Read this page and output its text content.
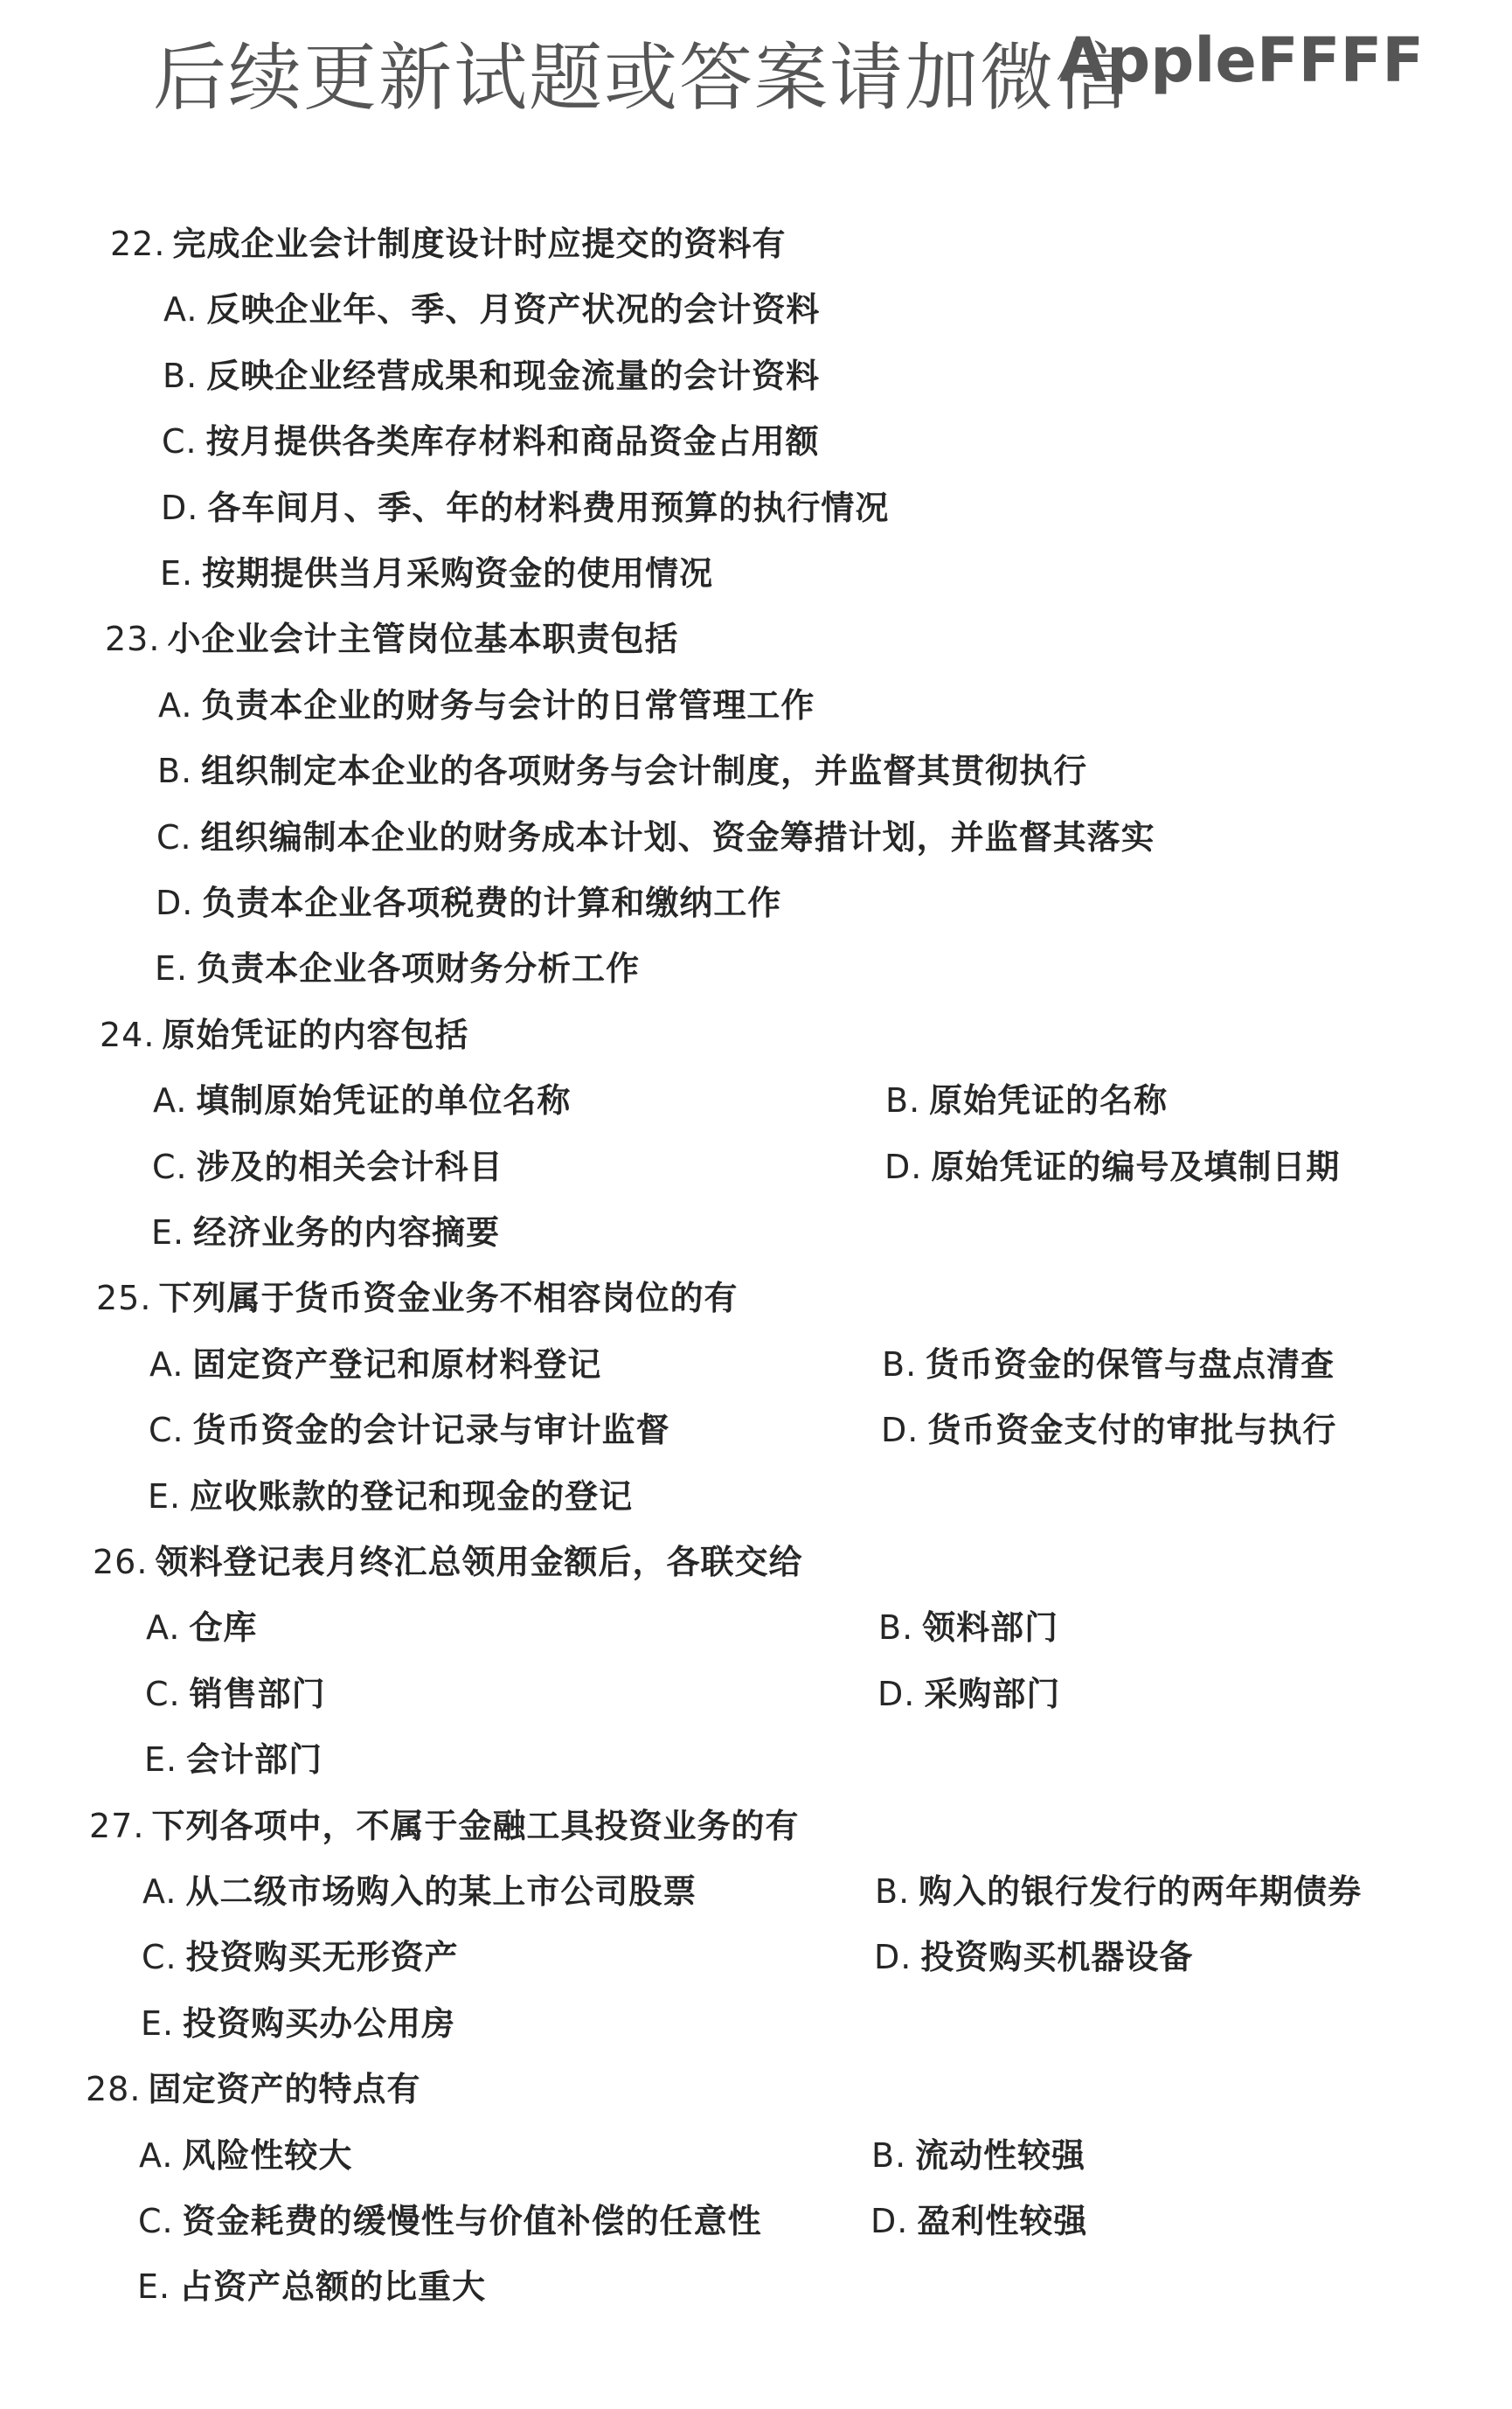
后续更新试题或答案请加微信
AppleFFFF
22. 完成企业会计制度设计时应提交的资料有
A. 反映企业年、季、月资产状况的会计资料
B. 反映企业经营成果和现金流量的会计资料
C. 按月提供各类库存材料和商品资金占用额
D. 各车间月、季、年的材料费用预算的执行情况
E. 按期提供当月采购资金的使用情况
23. 小企业会计主管岗位基本职责包括
A. 负责本企业的财务与会计的日常管理工作
B. 组织制定本企业的各项财务与会计制度，并监督其贯彻执行
C. 组织编制本企业的财务成本计划、资金筹措计划，并监督其落实
D. 负责本企业各项税费的计算和缴纳工作
E. 负责本企业各项财务分析工作
24. 原始凭证的内容包括
A. 填制原始凭证的单位名称	B. 原始凭证的名称
C. 涉及的相关会计科目	D. 原始凭证的编号及填制日期
E. 经济业务的内容摘要
25. 下列属于货币资金业务不相容岗位的有
A. 固定资产登记和原材料登记	B. 货币资金的保管与盘点清查
C. 货币资金的会计记录与审计监督	D. 货币资金支付的审批与执行
E. 应收账款的登记和现金的登记
26. 领料登记表月终汇总领用金额后，各联交给
A. 仓库	B. 领料部门
C. 销售部门	D. 采购部门
E. 会计部门
27. 下列各项中，不属于金融工具投资业务的有
A. 从二级市场购入的某上市公司股票	B. 购入的银行发行的两年期债券
C. 投资购买无形资产	D. 投资购买机器设备
E. 投资购买办公用房
28. 固定资产的特点有
A. 风险性较大	B. 流动性较强
C. 资金耗费的缓慢性与价值补偿的任意性	D. 盈利性较强
E. 占资产总额的比重大
